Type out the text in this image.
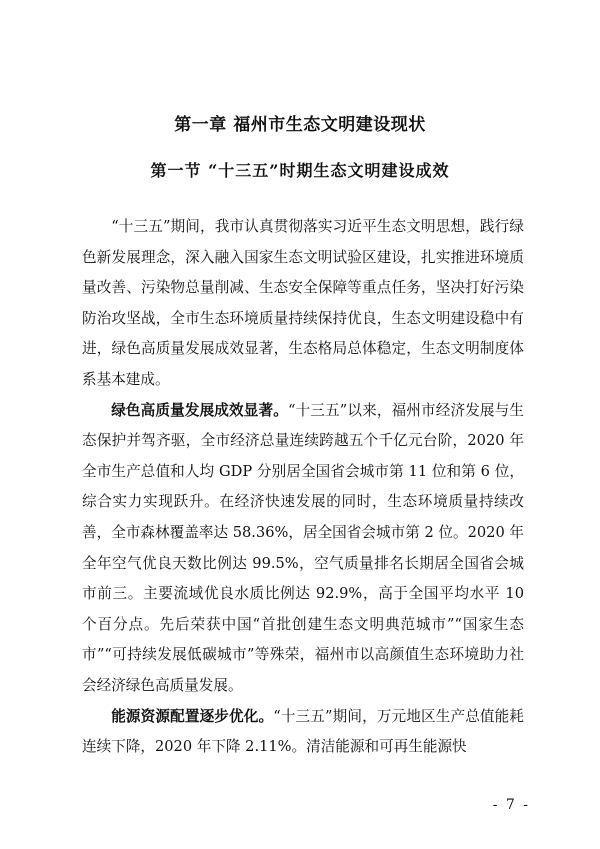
第一章 福州市生态文明建设现状
第一节 “十三五”时期生态文明建设成效

“十三五”期间，我市认真贯彻落实习近平生态文明思想，践行绿色新发展理念，深入融入国家生态文明试验区建设，扎实推进环境质量改善、污染物总量削减、生态安全保障等重点任务，坚决打好污染防治攻坚战，全市生态环境质量持续保持优良，生态文明建设稳中有进，绿色高质量发展成效显著，生态格局总体稳定，生态文明制度体系基本建成。

绿色高质量发展成效显著。“十三五”以来，福州市经济发展与生态保护并驾齐驱，全市经济总量连续跨越五个千亿元台阶，2020 年全市生产总值和人均 GDP 分别居全国省会城市第 11 位和第 6 位，综合实力实现跃升。在经济快速发展的同时，生态环境质量持续改善，全市森林覆盖率达 58.36%，居全国省会城市第 2 位。2020 年全年空气优良天数比例达 99.5%，空气质量排名长期居全国省会城市前三。主要流域优良水质比例达 92.9%，高于全国平均水平 10 个百分点。先后荣获中国“首批创建生态文明典范城市”“国家生态市”“可持续发展低碳城市”等殊荣，福州市以高颜值生态环境助力社会经济绿色高质量发展。

能源资源配置逐步优化。“十三五”期间，万元地区生产总值能耗连续下降，2020 年下降 2.11%。清洁能源和可再生能源快

- 7 -
